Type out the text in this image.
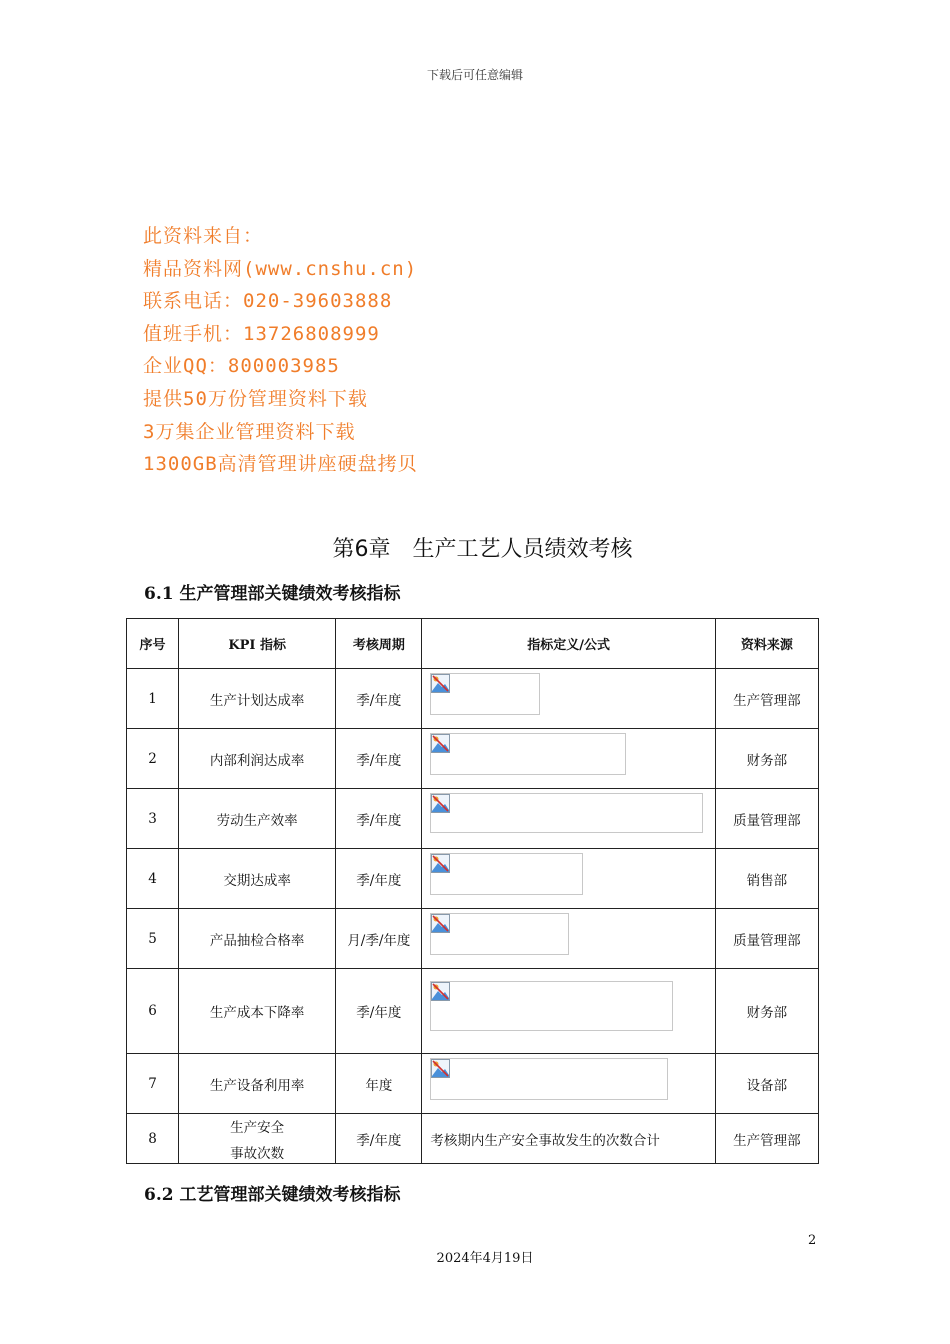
下载后可任意编辑
此资料来自：
精品资料网(www.cnshu.cn)
联系电话：020-39603888
值班手机：13726808999
企业QQ：800003985
提供50万份管理资料下载
3万集企业管理资料下载
1300GB高清管理讲座硬盘拷贝
第6章　生产工艺人员绩效考核
6.1 生产管理部关键绩效考核指标
序号	KPI 指标	考核周期	指标定义/公式	资料来源
1	生产计划达成率	季/年度		生产管理部
2	内部利润达成率	季/年度		财务部
3	劳动生产效率	季/年度		质量管理部
4	交期达成率	季/年度		销售部
5	产品抽检合格率	月/季/年度		质量管理部
6	生产成本下降率	季/年度		财务部
7	生产设备利用率	年度		设备部
8	生产安全
事故次数	季/年度	考核期内生产安全事故发生的次数合计	生产管理部
6.2 工艺管理部关键绩效考核指标
2
2024年4月19日
